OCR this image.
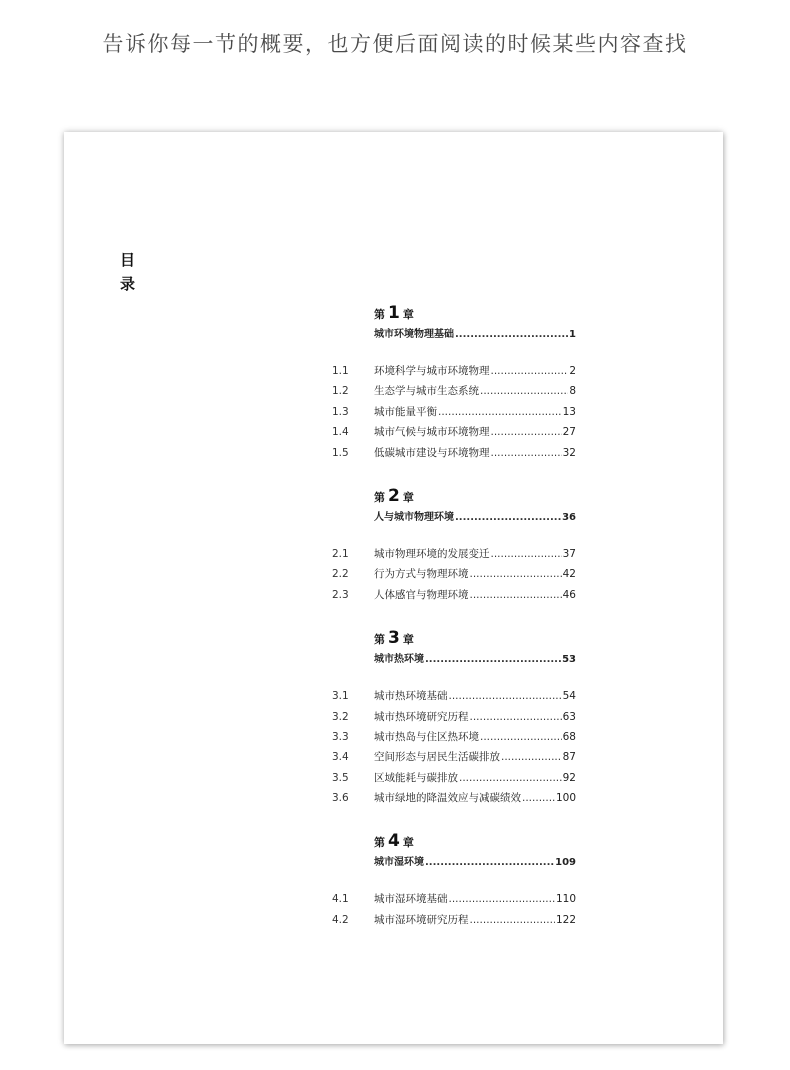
告诉你每一节的概要，也方便后面阅读的时候某些内容查找
目录
第 1 章
城市环境物理基础 .....	1
1.1	环境科学与城市环境物理 .....	2
1.2	生态学与城市生态系统 .....	8
1.3	城市能量平衡 .....	13
1.4	城市气候与城市环境物理 .....	27
1.5	低碳城市建设与环境物理 .....	32
第 2 章
人与城市物理环境 .....	36
2.1	城市物理环境的发展变迁 .....	37
2.2	行为方式与物理环境 .....	42
2.3	人体感官与物理环境 .....	46
第 3 章
城市热环境 .....	53
3.1	城市热环境基础 .....	54
3.2	城市热环境研究历程 .....	63
3.3	城市热岛与住区热环境 .....	68
3.4	空间形态与居民生活碳排放 .....	87
3.5	区域能耗与碳排放 .....	92
3.6	城市绿地的降温效应与减碳绩效 .....	100
第 4 章
城市湿环境 .....	109
4.1	城市湿环境基础 .....	110
4.2	城市湿环境研究历程 .....	122
